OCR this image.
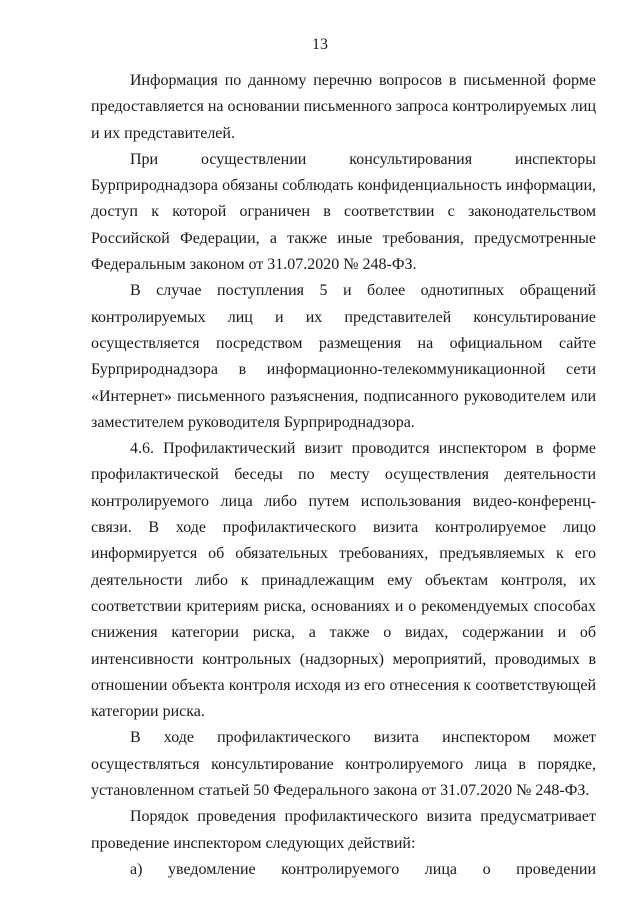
13

Информация по данному перечню вопросов в письменной форме предоставляется на основании письменного запроса контролируемых лиц и их представителей.

При осуществлении консультирования инспекторы Бурприроднадзора обязаны соблюдать конфиденциальность информации, доступ к которой ограничен в соответствии с законодательством Российской Федерации, а также иные требования, предусмотренные Федеральным законом от 31.07.2020 № 248-ФЗ.

В случае поступления 5 и более однотипных обращений контролируемых лиц и их представителей консультирование осуществляется посредством размещения на официальном сайте Бурприроднадзора в информационно-телекоммуникационной сети «Интернет» письменного разъяснения, подписанного руководителем или заместителем руководителя Бурприроднадзора.

4.6. Профилактический визит проводится инспектором в форме профилактической беседы по месту осуществления деятельности контролируемого лица либо путем использования видео-конференц-связи. В ходе профилактического визита контролируемое лицо информируется об обязательных требованиях, предъявляемых к его деятельности либо к принадлежащим ему объектам контроля, их соответствии критериям риска, основаниях и о рекомендуемых способах снижения категории риска, а также о видах, содержании и об интенсивности контрольных (надзорных) мероприятий, проводимых в отношении объекта контроля исходя из его отнесения к соответствующей категории риска.

В ходе профилактического визита инспектором может осуществляться консультирование контролируемого лица в порядке, установленном статьей 50 Федерального закона от 31.07.2020 № 248-ФЗ.

Порядок проведения профилактического визита предусматривает проведение инспектором следующих действий:

а) уведомление контролируемого лица о проведении
